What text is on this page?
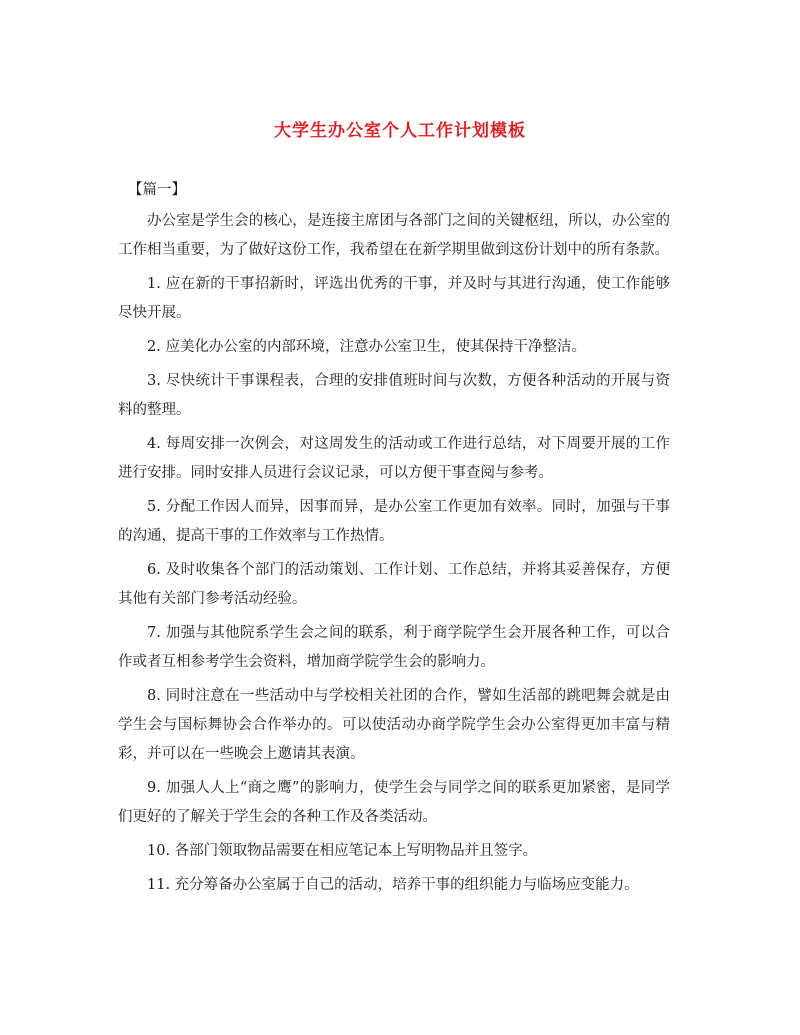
大学生办公室个人工作计划模板
【篇一】

办公室是学生会的核心，是连接主席团与各部门之间的关键枢纽，所以，办公室的工作相当重要，为了做好这份工作，我希望在在新学期里做到这份计划中的所有条款。

1. 应在新的干事招新时，评选出优秀的干事，并及时与其进行沟通，使工作能够尽快开展。

2. 应美化办公室的内部环境，注意办公室卫生，使其保持干净整洁。

3. 尽快统计干事课程表，合理的安排值班时间与次数，方便各种活动的开展与资料的整理。

4. 每周安排一次例会，对这周发生的活动或工作进行总结，对下周要开展的工作进行安排。同时安排人员进行会议记录，可以方便干事查阅与参考。

5. 分配工作因人而异，因事而异，是办公室工作更加有效率。同时，加强与干事的沟通，提高干事的工作效率与工作热情。

6. 及时收集各个部门的活动策划、工作计划、工作总结，并将其妥善保存，方便其他有关部门参考活动经验。

7. 加强与其他院系学生会之间的联系，利于商学院学生会开展各种工作，可以合作或者互相参考学生会资料，增加商学院学生会的影响力。

8. 同时注意在一些活动中与学校相关社团的合作，譬如生活部的跳吧舞会就是由学生会与国标舞协会合作举办的。可以使活动办商学院学生会办公室得更加丰富与精彩，并可以在一些晚会上邀请其表演。

9. 加强人人上“商之鹰”的影响力，使学生会与同学之间的联系更加紧密，是同学们更好的了解关于学生会的各种工作及各类活动。

10. 各部门领取物品需要在相应笔记本上写明物品并且签字。

11. 充分筹备办公室属于自己的活动，培养干事的组织能力与临场应变能力。
